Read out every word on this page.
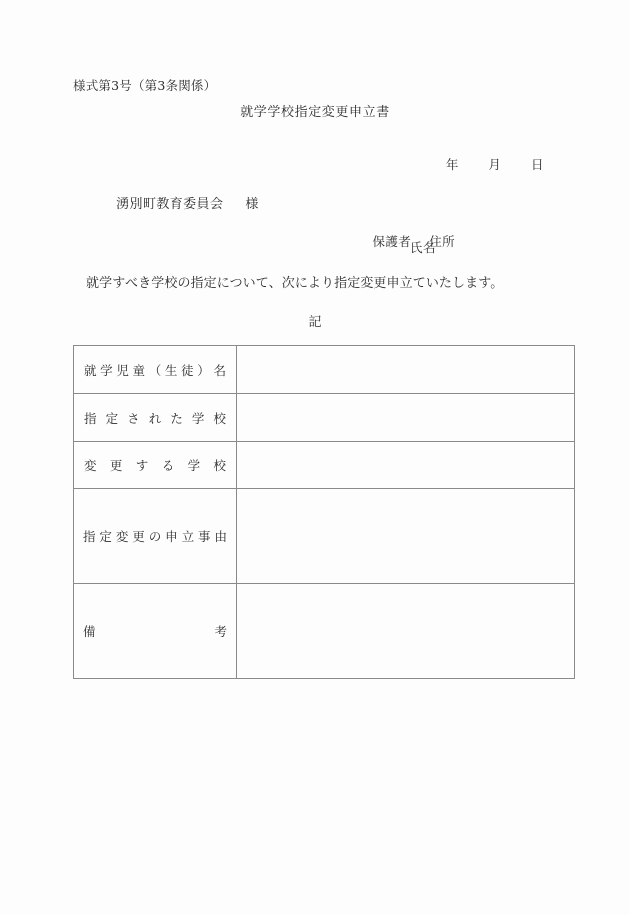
様式第3号（第3条関係）
就学学校指定変更申立書

年 月 日

湧別町教育委員会 様

保護者 住所

氏名
就学すべき学校の指定について、次により指定変更申立ていたします。
記
就学児童（生徒）名	

指定された学校	

変更する学校	

指定変更の申立事由	

備考	
